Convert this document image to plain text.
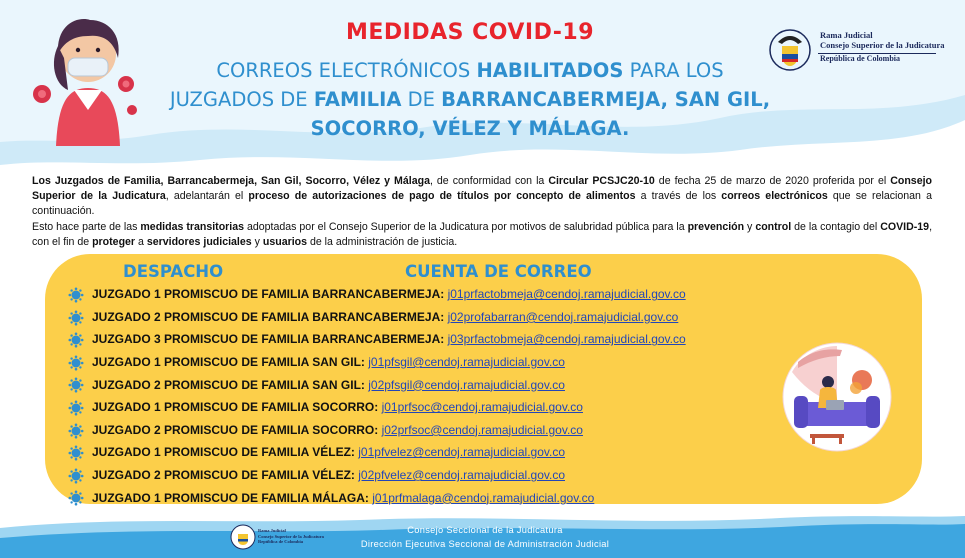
MEDIDAS COVID-19
CORREOS ELECTRÓNICOS HABILITADOS PARA LOS
JUZGADOS DE FAMILIA DE BARRANCABERMEJA, SAN GIL,
SOCORRO, VÉLEZ Y MÁLAGA.
Rama Judicial
Consejo Superior de la Judicatura
República de Colombia
Los Juzgados de Familia, Barrancabermeja, San Gil, Socorro, Vélez y Málaga, de conformidad con la Circular PCSJC20-10 de fecha 25 de marzo de 2020 proferida por el Consejo Superior de la Judicatura, adelantarán el proceso de autorizaciones de pago de títulos por concepto de alimentos a través de los correos electrónicos que se relacionan a continuación.
Esto hace parte de las medidas transitorias adoptadas por el Consejo Superior de la Judicatura por motivos de salubridad pública para la prevención y control de la contagio del COVID-19, con el fin de proteger a servidores judiciales y usuarios de la administración de justicia.
DESPACHO	CUENTA DE CORREO
JUZGADO 1 PROMISCUO DE FAMILIA BARRANCABERMEJA: j01prfactobmeja@cendoj.ramajudicial.gov.co
JUZGADO 2 PROMISCUO DE FAMILIA BARRANCABERMEJA: j02profabarran@cendoj.ramajudicial.gov.co
JUZGADO 3 PROMISCUO DE FAMILIA BARRANCABERMEJA: j03prfactobmeja@cendoj.ramajudicial.gov.co
JUZGADO 1 PROMISCUO DE FAMILIA SAN GIL: j01pfsgil@cendoj.ramajudicial.gov.co
JUZGADO 2 PROMISCUO DE FAMILIA SAN GIL: j02pfsgil@cendoj.ramajudicial.gov.co
JUZGADO 1 PROMISCUO DE FAMILIA SOCORRO: j01prfsoc@cendoj.ramajudicial.gov.co
JUZGADO 2 PROMISCUO DE FAMILIA SOCORRO: j02prfsoc@cendoj.ramajudicial.gov.co
JUZGADO 1 PROMISCUO DE FAMILIA VÉLEZ: j01pfvelez@cendoj.ramajudicial.gov.co
JUZGADO 2 PROMISCUO DE FAMILIA VÉLEZ: j02pfvelez@cendoj.ramajudicial.gov.co
JUZGADO 1 PROMISCUO DE FAMILIA MÁLAGA: j01prfmalaga@cendoj.ramajudicial.gov.co
Rama Judicial
Consejo Superior de la Judicatura
República de Colombia
Consejo Seccional de la Judicatura
Dirección Ejecutiva Seccional de Administración Judicial
